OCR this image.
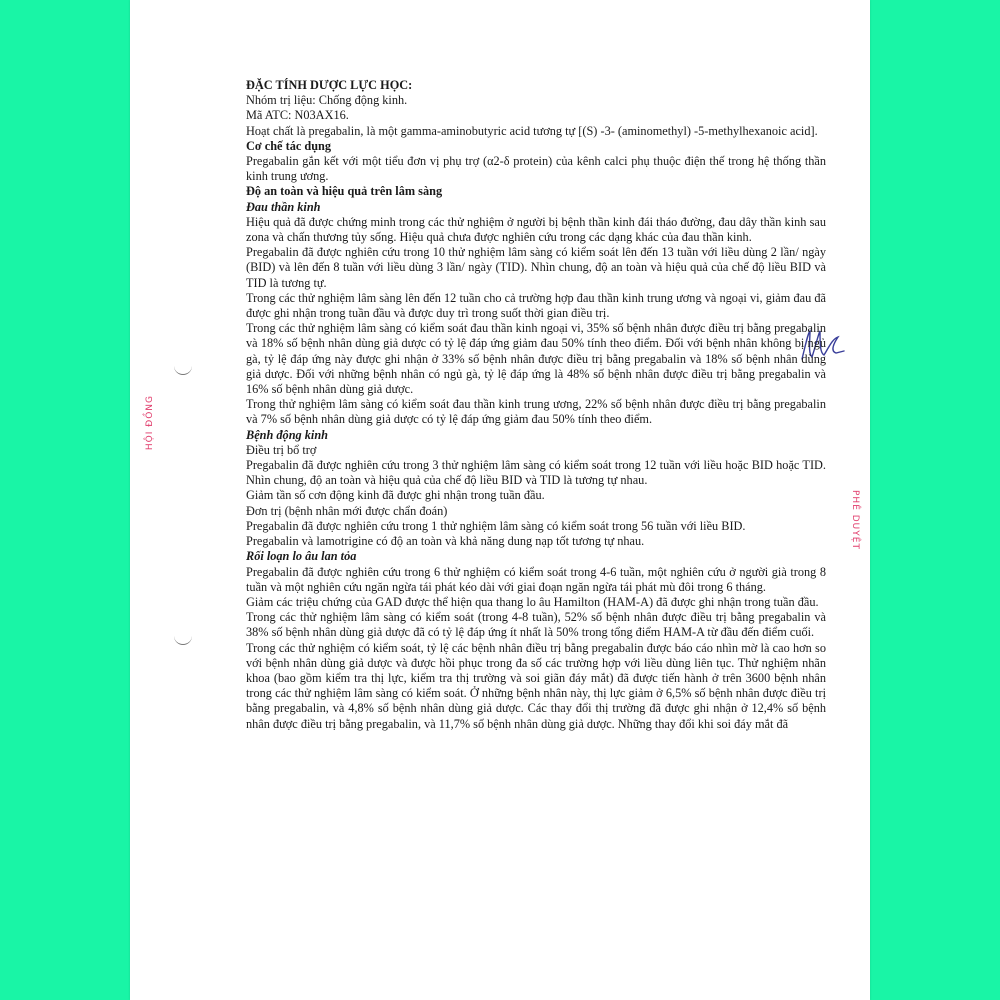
HỘI ĐỒNG
PHÊ DUYỆT

ĐẶC TÍNH DƯỢC LỰC HỌC:

Nhóm trị liệu: Chống động kinh.

Mã ATC: N03AX16.

Hoạt chất là pregabalin, là một gamma-aminobutyric acid tương tự [(S) -3- (aminomethyl) -5-methylhexanoic acid].

Cơ chế tác dụng

Pregabalin gắn kết với một tiểu đơn vị phụ trợ (α2-δ protein) của kênh calci phụ thuộc điện thế trong hệ thống thần kinh trung ương.

Độ an toàn và hiệu quả trên lâm sàng

Đau thần kinh

Hiệu quả đã được chứng minh trong các thử nghiệm ở người bị bệnh thần kinh đái tháo đường, đau dây thần kinh sau zona và chấn thương tủy sống. Hiệu quả chưa được nghiên cứu trong các dạng khác của đau thần kinh.

Pregabalin đã được nghiên cứu trong 10 thử nghiệm lâm sàng có kiểm soát lên đến 13 tuần với liều dùng 2 lần/ ngày (BID) và lên đến 8 tuần với liều dùng 3 lần/ ngày (TID). Nhìn chung, độ an toàn và hiệu quả của chế độ liều BID và TID là tương tự.

Trong các thử nghiệm lâm sàng lên đến 12 tuần cho cả trường hợp đau thần kinh trung ương và ngoại vi, giảm đau đã được ghi nhận trong tuần đầu và được duy trì trong suốt thời gian điều trị.

Trong các thử nghiệm lâm sàng có kiểm soát đau thần kinh ngoại vi, 35% số bệnh nhân được điều trị bằng pregabalin và 18% số bệnh nhân dùng giả dược có tỷ lệ đáp ứng giảm đau 50% tính theo điểm. Đối với bệnh nhân không bị ngủ gà, tỷ lệ đáp ứng này được ghi nhận ở 33% số bệnh nhân được điều trị bằng pregabalin và 18% số bệnh nhân dùng giả dược. Đối với những bệnh nhân có ngủ gà, tỷ lệ đáp ứng là 48% số bệnh nhân được điều trị bằng pregabalin và 16% số bệnh nhân dùng giả dược.

Trong thử nghiệm lâm sàng có kiểm soát đau thần kinh trung ương, 22% số bệnh nhân được điều trị bằng pregabalin và 7% số bệnh nhân dùng giả dược có tỷ lệ đáp ứng giảm đau 50% tính theo điểm.

Bệnh động kinh

Điều trị bổ trợ

Pregabalin đã được nghiên cứu trong 3 thử nghiệm lâm sàng có kiểm soát trong 12 tuần với liều hoặc BID hoặc TID. Nhìn chung, độ an toàn và hiệu quả của chế độ liều BID và TID là tương tự nhau.

Giảm tần số cơn động kinh đã được ghi nhận trong tuần đầu.

Đơn trị (bệnh nhân mới được chẩn đoán)

Pregabalin đã được nghiên cứu trong 1 thử nghiệm lâm sàng có kiểm soát trong 56 tuần với liều BID.

Pregabalin và lamotrigine có độ an toàn và khả năng dung nạp tốt tương tự nhau.

Rối loạn lo âu lan tỏa

Pregabalin đã được nghiên cứu trong 6 thử nghiệm có kiểm soát trong 4-6 tuần, một nghiên cứu ở người già trong 8 tuần và một nghiên cứu ngăn ngừa tái phát kéo dài với giai đoạn ngăn ngừa tái phát mù đôi trong 6 tháng.

Giảm các triệu chứng của GAD được thể hiện qua thang lo âu Hamilton (HAM-A) đã được ghi nhận trong tuần đầu.

Trong các thử nghiệm lâm sàng có kiểm soát (trong 4-8 tuần), 52% số bệnh nhân được điều trị bằng pregabalin và 38% số bệnh nhân dùng giả dược đã có tỷ lệ đáp ứng ít nhất là 50% trong tổng điểm HAM-A từ đầu đến điểm cuối.

Trong các thử nghiệm có kiểm soát, tỷ lệ các bệnh nhân điều trị bằng pregabalin được báo cáo nhìn mờ là cao hơn so với bệnh nhân dùng giả dược và được hồi phục trong đa số các trường hợp với liều dùng liên tục. Thử nghiệm nhãn khoa (bao gồm kiểm tra thị lực, kiểm tra thị trường và soi giãn đáy mắt) đã được tiến hành ở trên 3600 bệnh nhân trong các thử nghiệm lâm sàng có kiểm soát. Ở những bệnh nhân này, thị lực giảm ở 6,5% số bệnh nhân được điều trị bằng pregabalin, và 4,8% số bệnh nhân dùng giả dược. Các thay đổi thị trường đã được ghi nhận ở 12,4% số bệnh nhân được điều trị bằng pregabalin, và 11,7% số bệnh nhân dùng giả dược. Những thay đổi khi soi đáy mắt đã
